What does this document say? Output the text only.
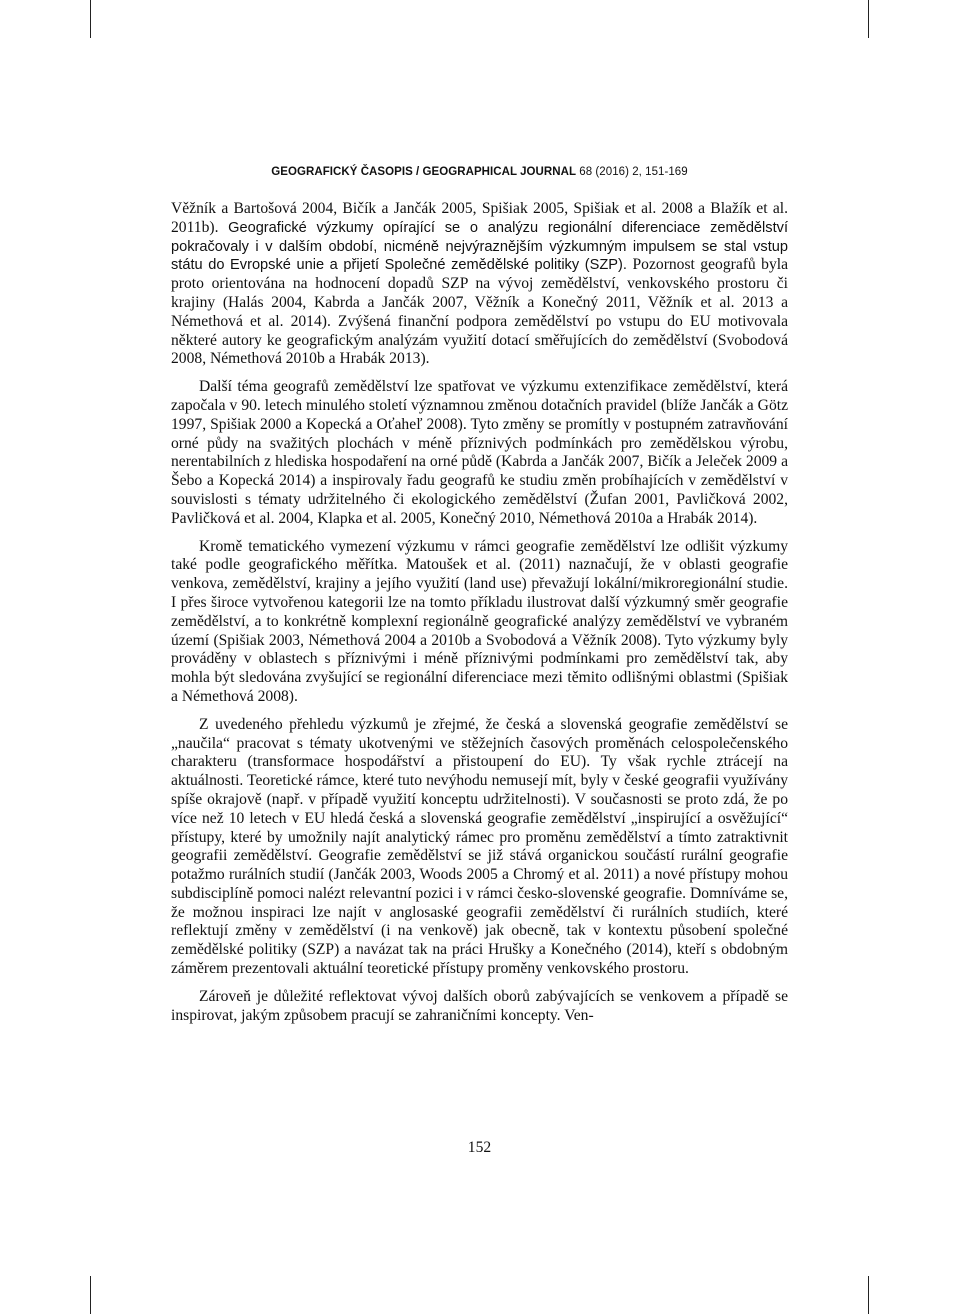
GEOGRAFICKÝ ČASOPIS / GEOGRAPHICAL JOURNAL 68 (2016) 2, 151-169

Věžník a Bartošová 2004, Bičík a Jančák 2005, Spišiak 2005, Spišiak et al. 2008 a Blažík et al. 2011b). Geografické výzkumy opírající se o analýzu regionální diferenciace zemědělství pokračovaly i v dalším období, nicméně nejvýraznějším výzkumným impulsem se stal vstup státu do Evropské unie a přijetí Společné zemědělské politiky (SZP). Pozornost geografů byla proto orientována na hodnocení dopadů SZP na vývoj zemědělství, venkovského prostoru či krajiny (Halás 2004, Kabrda a Jančák 2007, Věžník a Konečný 2011, Věžník et al. 2013 a Némethová et al. 2014). Zvýšená finanční podpora zemědělství po vstupu do EU motivovala některé autory ke geografickým analýzám využití dotací směřujících do zemědělství (Svobodová 2008, Némethová 2010b a Hrabák 2013).

Další téma geografů zemědělství lze spatřovat ve výzkumu extenzifikace zemědělství, která započala v 90. letech minulého století významnou změnou dotačních pravidel (blíže Jančák a Götz 1997, Spišiak 2000 a Kopecká a Oťaheľ 2008). Tyto změny se promítly v postupném zatravňování orné půdy na svažitých plochách v méně příznivých podmínkách pro zemědělskou výrobu, nerentabilních z hlediska hospodaření na orné půdě (Kabrda a Jančák 2007, Bičík a Jeleček 2009 a Šebo a Kopecká 2014) a inspirovaly řadu geografů ke studiu změn probíhajících v zemědělství v souvislosti s tématy udržitelného či ekologického zemědělství (Žufan 2001, Pavličková 2002, Pavličková et al. 2004, Klapka et al. 2005, Konečný 2010, Némethová 2010a a Hrabák 2014).

Kromě tematického vymezení výzkumu v rámci geografie zemědělství lze odlišit výzkumy také podle geografického měřítka. Matoušek et al. (2011) naznačují, že v oblasti geografie venkova, zemědělství, krajiny a jejího využití (land use) převažují lokální/mikroregionální studie. I přes široce vytvořenou kategorii lze na tomto příkladu ilustrovat další výzkumný směr geografie zemědělství, a to konkrétně komplexní regionálně geografické analýzy zemědělství ve vybraném území (Spišiak 2003, Némethová 2004 a 2010b a Svobodová a Věžník 2008). Tyto výzkumy byly prováděny v oblastech s příznivými i méně příznivými podmínkami pro zemědělství tak, aby mohla být sledována zvyšující se regionální diferenciace mezi těmito odlišnými oblastmi (Spišiak a Némethová 2008).

Z uvedeného přehledu výzkumů je zřejmé, že česká a slovenská geografie zemědělství se „naučila“ pracovat s tématy ukotvenými ve stěžejních časových proměnách celospolečenského charakteru (transformace hospodářství a přistoupení do EU). Ty však rychle ztrácejí na aktuálnosti. Teoretické rámce, které tuto nevýhodu nemusejí mít, byly v české geografii využívány spíše okrajově (např. v případě využití konceptu udržitelnosti). V současnosti se proto zdá, že po více než 10 letech v EU hledá česká a slovenská geografie zemědělství „inspirující a osvěžující“ přístupy, které by umožnily najít analytický rámec pro proměnu zemědělství a tímto zatraktivnit geografii zemědělství. Geografie zemědělství se již stává organickou součástí rurální geografie potažmo rurálních studií (Jančák 2003, Woods 2005 a Chromý et al. 2011) a nové přístupy mohou subdisciplíně pomoci nalézt relevantní pozici i v rámci česko-slovenské geografie. Domníváme se, že možnou inspiraci lze najít v anglosaské geografii zemědělství či rurálních studiích, které reflektují změny v zemědělství (i na venkově) jak obecně, tak v kontextu působení společné zemědělské politiky (SZP) a navázat tak na práci Hrušky a Konečného (2014), kteří s obdobným záměrem prezentovali aktuální teoretické přístupy proměny venkovského prostoru.

Zároveň je důležité reflektovat vývoj dalších oborů zabývajících se venkovem a případě se inspirovat, jakým způsobem pracují se zahraničními koncepty. Ven-

152
